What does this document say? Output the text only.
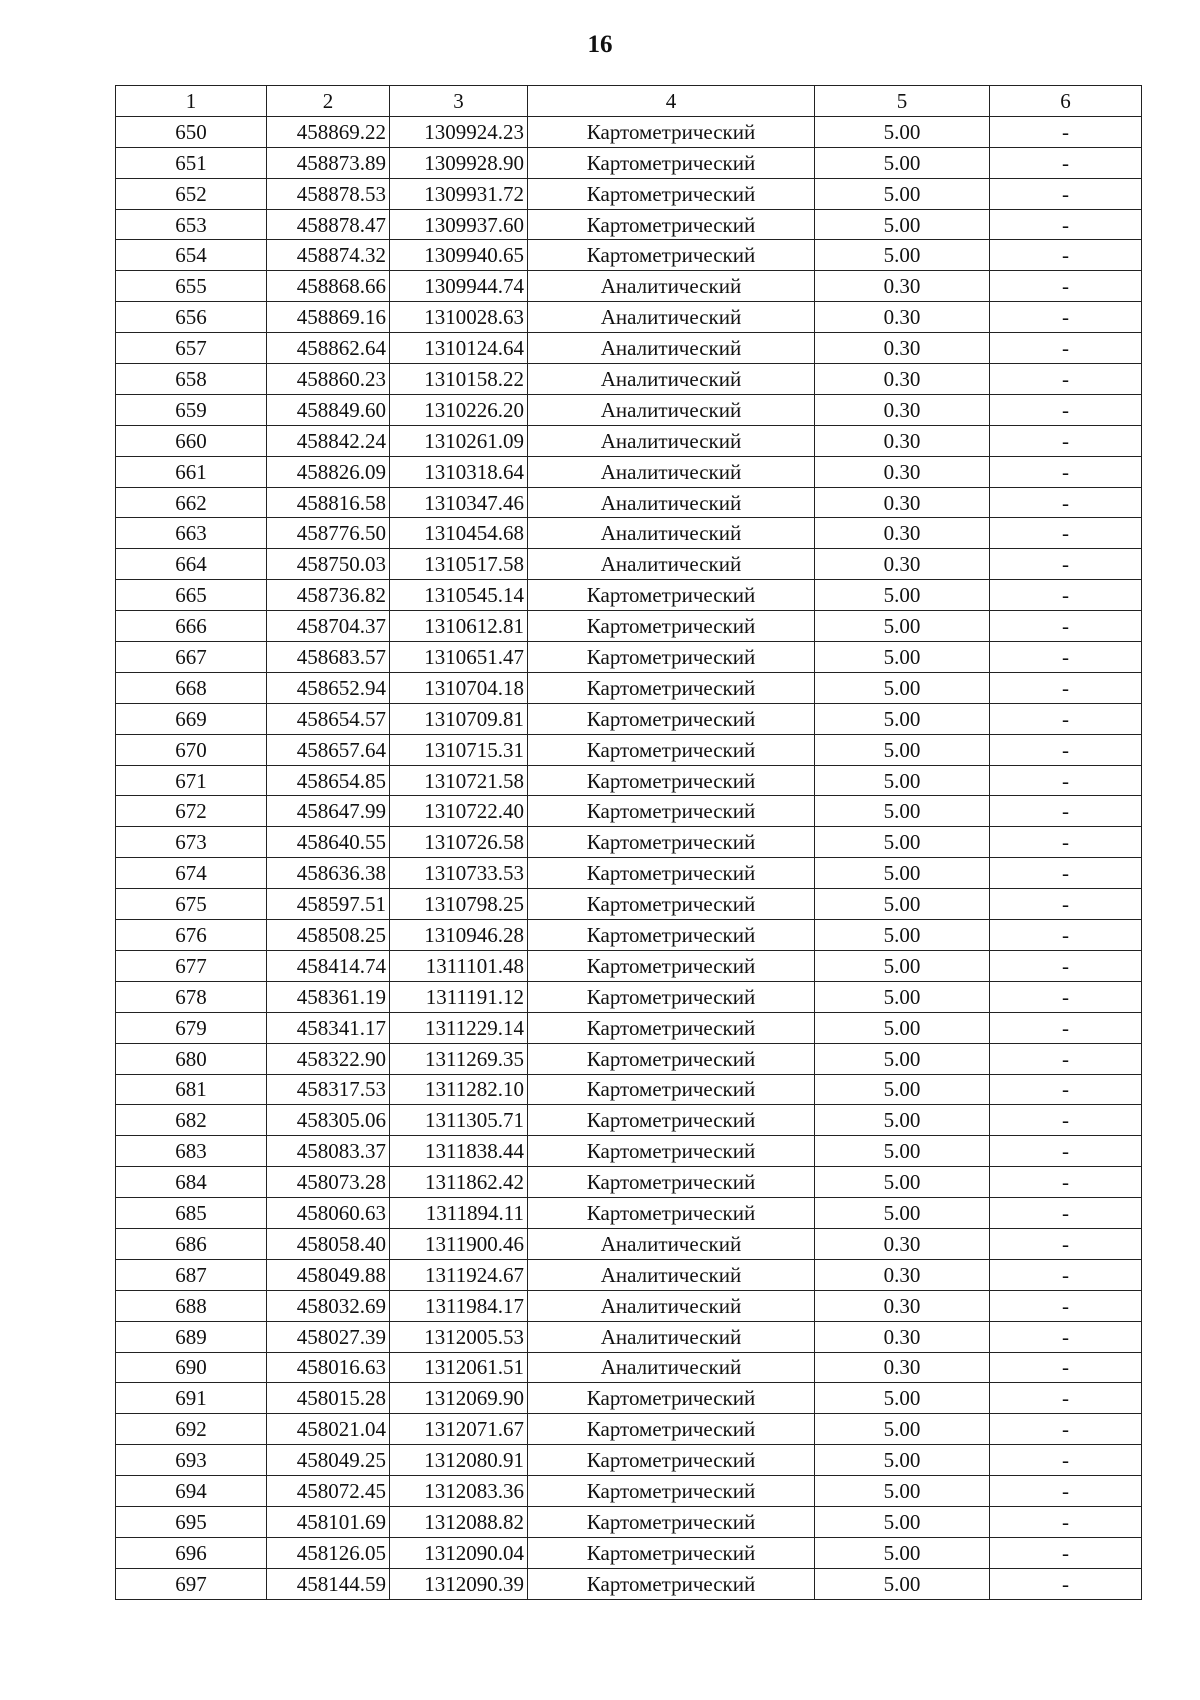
16
1	2	3	4	5	6
650	458869.22	1309924.23	Картометрический	5.00	-
651	458873.89	1309928.90	Картометрический	5.00	-
652	458878.53	1309931.72	Картометрический	5.00	-
653	458878.47	1309937.60	Картометрический	5.00	-
654	458874.32	1309940.65	Картометрический	5.00	-
655	458868.66	1309944.74	Аналитический	0.30	-
656	458869.16	1310028.63	Аналитический	0.30	-
657	458862.64	1310124.64	Аналитический	0.30	-
658	458860.23	1310158.22	Аналитический	0.30	-
659	458849.60	1310226.20	Аналитический	0.30	-
660	458842.24	1310261.09	Аналитический	0.30	-
661	458826.09	1310318.64	Аналитический	0.30	-
662	458816.58	1310347.46	Аналитический	0.30	-
663	458776.50	1310454.68	Аналитический	0.30	-
664	458750.03	1310517.58	Аналитический	0.30	-
665	458736.82	1310545.14	Картометрический	5.00	-
666	458704.37	1310612.81	Картометрический	5.00	-
667	458683.57	1310651.47	Картометрический	5.00	-
668	458652.94	1310704.18	Картометрический	5.00	-
669	458654.57	1310709.81	Картометрический	5.00	-
670	458657.64	1310715.31	Картометрический	5.00	-
671	458654.85	1310721.58	Картометрический	5.00	-
672	458647.99	1310722.40	Картометрический	5.00	-
673	458640.55	1310726.58	Картометрический	5.00	-
674	458636.38	1310733.53	Картометрический	5.00	-
675	458597.51	1310798.25	Картометрический	5.00	-
676	458508.25	1310946.28	Картометрический	5.00	-
677	458414.74	1311101.48	Картометрический	5.00	-
678	458361.19	1311191.12	Картометрический	5.00	-
679	458341.17	1311229.14	Картометрический	5.00	-
680	458322.90	1311269.35	Картометрический	5.00	-
681	458317.53	1311282.10	Картометрический	5.00	-
682	458305.06	1311305.71	Картометрический	5.00	-
683	458083.37	1311838.44	Картометрический	5.00	-
684	458073.28	1311862.42	Картометрический	5.00	-
685	458060.63	1311894.11	Картометрический	5.00	-
686	458058.40	1311900.46	Аналитический	0.30	-
687	458049.88	1311924.67	Аналитический	0.30	-
688	458032.69	1311984.17	Аналитический	0.30	-
689	458027.39	1312005.53	Аналитический	0.30	-
690	458016.63	1312061.51	Аналитический	0.30	-
691	458015.28	1312069.90	Картометрический	5.00	-
692	458021.04	1312071.67	Картометрический	5.00	-
693	458049.25	1312080.91	Картометрический	5.00	-
694	458072.45	1312083.36	Картометрический	5.00	-
695	458101.69	1312088.82	Картометрический	5.00	-
696	458126.05	1312090.04	Картометрический	5.00	-
697	458144.59	1312090.39	Картометрический	5.00	-
